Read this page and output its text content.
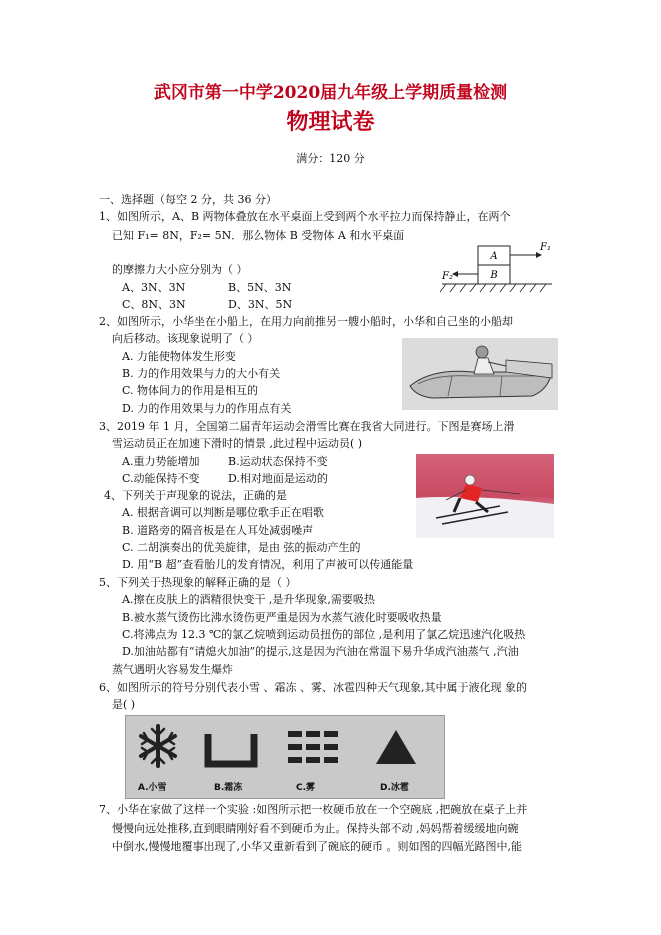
武冈市第一中学2020届九年级上学期质量检测
物理试卷
满分：120 分
一、选择题（每空 2 分，共 36 分）
1、如图所示，A、B 两物体叠放在水平桌面上受到两个水平拉力而保持静止，在两个
已知 F₁= 8N，F₂= 5N．那么物体 B 受物体 A 和水平桌面
的摩擦力大小应分别为（ ）
A、3N、3N	B、5N、3N
C、8N、3N	D、3N、5N
A
B
F₁
F₂
2、如图所示，小华坐在小船上，在用力向前推另一艘小船时，小华和自己坐的小船却
向后移动。该现象说明了（ ）
A. 力能使物体发生形变
B. 力的作用效果与力的大小有关
C. 物体间力的作用是相互的
D. 力的作用效果与力的作用点有关
3、2019 年 1 月，全国第二届青年运动会滑雪比赛在我省大同进行。下图是赛场上滑
雪运动员正在加速下滑时的情景 ,此过程中运动员( )
A.重力势能增加	B.运动状态保持不变
C.动能保持不变	D.相对地面是运动的
4、下列关于声现象的说法，正确的是
A. 根据音调可以判断是哪位歌手正在唱歌
B. 道路旁的隔音板是在人耳处减弱噪声
C. 二胡演奏出的优美旋律，是由 弦的振动产生的
D. 用“B 超”查看胎儿的发育情况，利用了声被可以传通能量
5、下列关于热现象的解释正确的是（ ）
A.擦在皮肤上的酒精很快变干 ,是升华现象,需要吸热
B.被水蒸气烫伤比沸水烫伤更严重是因为水蒸气液化时要吸收热量
C.将沸点为 12.3 ℃的氯乙烷喷到运动员扭伤的部位 ,是利用了氯乙烷迅速汽化吸热
D.加油站都有“请熄火加油”的提示,这是因为汽油在常温下易升华成汽油蒸气 ,汽油
蒸气遇明火容易发生爆炸
6、如图所示的符号分别代表小雪 、霜冻 、雾、冰雹四种天气现象,其中属于液化现 象的
是( )
A.小雪	B.霜冻	C.雾	D.冰雹
7、小华在家做了这样一个实验 :如图所示把一枚硬币放在一个空碗底 ,把碗放在桌子上并
慢慢向远处推移,直到眼睛刚好看不到硬币为止。保持头部不动 ,妈妈帮着缓缓地向碗
中倒水,慢慢地覆事出现了,小华又重新看到了碗底的硬币 。则如图的四幅光路图中,能
